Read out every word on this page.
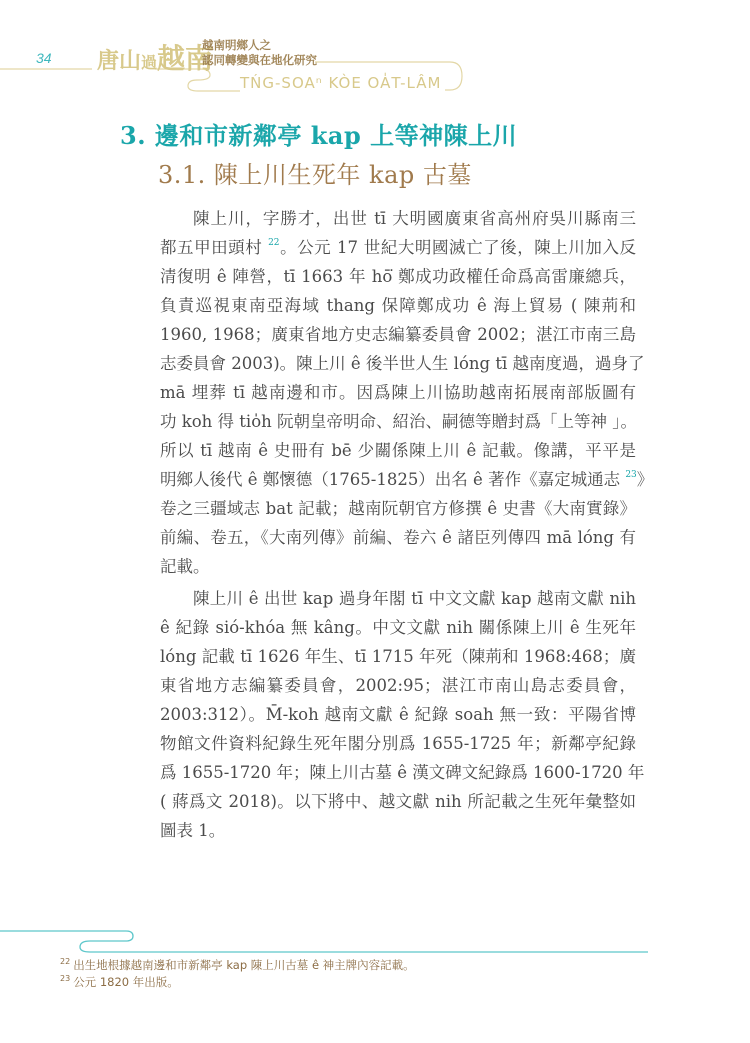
34 唐山過越南
越南明鄉人之
認同轉變與在地化研究
TŃG-SOAⁿ KÒE OA̍T-LÂM
3. 邊和市新鄰亭 kap 上等神陳上川
3.1. 陳上川生死年 kap 古墓
陳上川，字勝才，出世 tī 大明國廣東省高州府吳川縣南三
都五甲田頭村 $^{22}$。公元 17 世紀大明國滅亡了後，陳上川加入反
清復明 ê 陣營，tī 1663 年 hō͘ 鄭成功政權任命爲高雷廉總兵，
負責巡視東南亞海域 thang 保障鄭成功 ê 海上貿易 ( 陳荊和
1960, 1968；廣東省地方史志編纂委員會 2002；湛江市南三島
志委員會 2003)。陳上川 ê 後半世人生 lóng tī 越南度過，過身了
mā 埋葬 tī 越南邊和市。因爲陳上川協助越南拓展南部版圖有
功 koh 得 tio̍h 阮朝皇帝明命、紹治、嗣德等贈封爲「上等神 」。
所以 tī 越南 ê 史冊有 bē 少關係陳上川 ê 記載。像講，平平是
明鄉人後代 ê 鄭懷德（1765-1825）出名 ê 著作《嘉定城通志 $^{23}$》
卷之三疆域志 bat 記載；越南阮朝官方修撰 ê 史書《大南實錄》
前編、卷五，《大南列傳》前編、卷六 ê 諸臣列傳四 mā lóng 有
記載。
陳上川 ê 出世 kap 過身年閣 tī 中文文獻 kap 越南文獻 nih
ê 紀錄 sió-khóa 無 kâng。中文文獻 nih 關係陳上川 ê 生死年
lóng 記載 tī 1626 年生、tī 1715 年死（陳荊和 1968:468；廣
東省地方志編纂委員會，2002:95；湛江市南山島志委員會，
2003:312）。M̄-koh 越南文獻 ê 紀錄 soah 無一致：平陽省博
物館文件資料紀錄生死年閣分別爲 1655-1725 年；新鄰亭紀錄
爲 1655-1720 年；陳上川古墓 ê 漢文碑文紀錄爲 1600-1720 年
( 蔣爲文 2018)。以下將中、越文獻 nih 所記載之生死年彙整如
圖表 1。
$^{22}$ 出生地根據越南邊和市新鄰亭 kap 陳上川古墓 ê 神主牌內容記載。
$^{23}$ 公元 1820 年出版。
